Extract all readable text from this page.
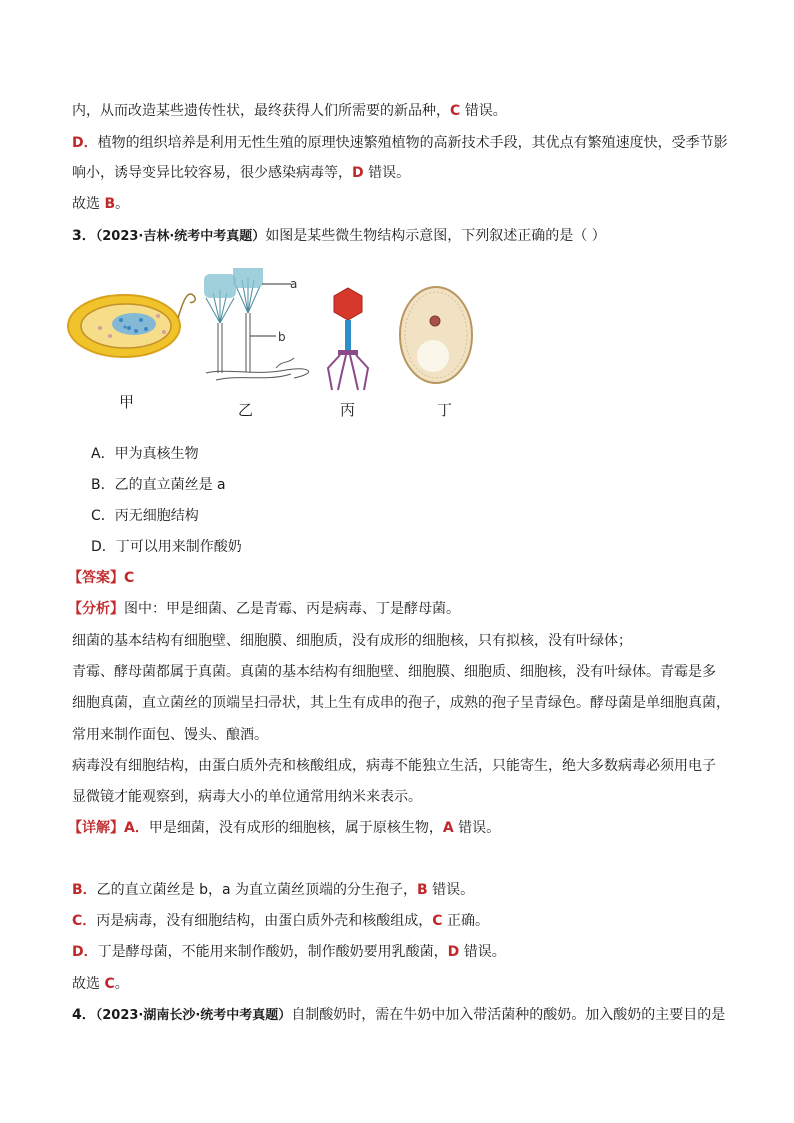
内，从而改造某些遗传性状，最终获得人们所需要的新品种，C 错误。
D．植物的组织培养是利用无性生殖的原理快速繁殖植物的高新技术手段，其优点有繁殖速度快，受季节影
响小，诱导变异比较容易，很少感染病毒等，D 错误。
故选 B。
3．（2023·吉林·统考中考真题）如图是某些微生物结构示意图，下列叙述正确的是（ ）
a
b
甲	乙	丙	丁
A．甲为真核生物
B．乙的直立菌丝是 a
C．丙无细胞结构
D．丁可以用来制作酸奶
【答案】C
【分析】图中：甲是细菌、乙是青霉、丙是病毒、丁是酵母菌。
细菌的基本结构有细胞壁、细胞膜、细胞质，没有成形的细胞核，只有拟核，没有叶绿体；
青霉、酵母菌都属于真菌。真菌的基本结构有细胞壁、细胞膜、细胞质、细胞核，没有叶绿体。青霉是多
细胞真菌，直立菌丝的顶端呈扫帚状，其上生有成串的孢子，成熟的孢子呈青绿色。酵母菌是单细胞真菌，
常用来制作面包、馒头、酿酒。
病毒没有细胞结构，由蛋白质外壳和核酸组成，病毒不能独立生活，只能寄生，绝大多数病毒必须用电子
显微镜才能观察到，病毒大小的单位通常用纳米来表示。
【详解】A．甲是细菌，没有成形的细胞核，属于原核生物，A 错误。
B．乙的直立菌丝是 b，a 为直立菌丝顶端的分生孢子，B 错误。
C．丙是病毒，没有细胞结构，由蛋白质外壳和核酸组成，C 正确。
D．丁是酵母菌，不能用来制作酸奶，制作酸奶要用乳酸菌，D 错误。
故选 C。
4．（2023·湖南长沙·统考中考真题）自制酸奶时，需在牛奶中加入带活菌种的酸奶。加入酸奶的主要目的是
